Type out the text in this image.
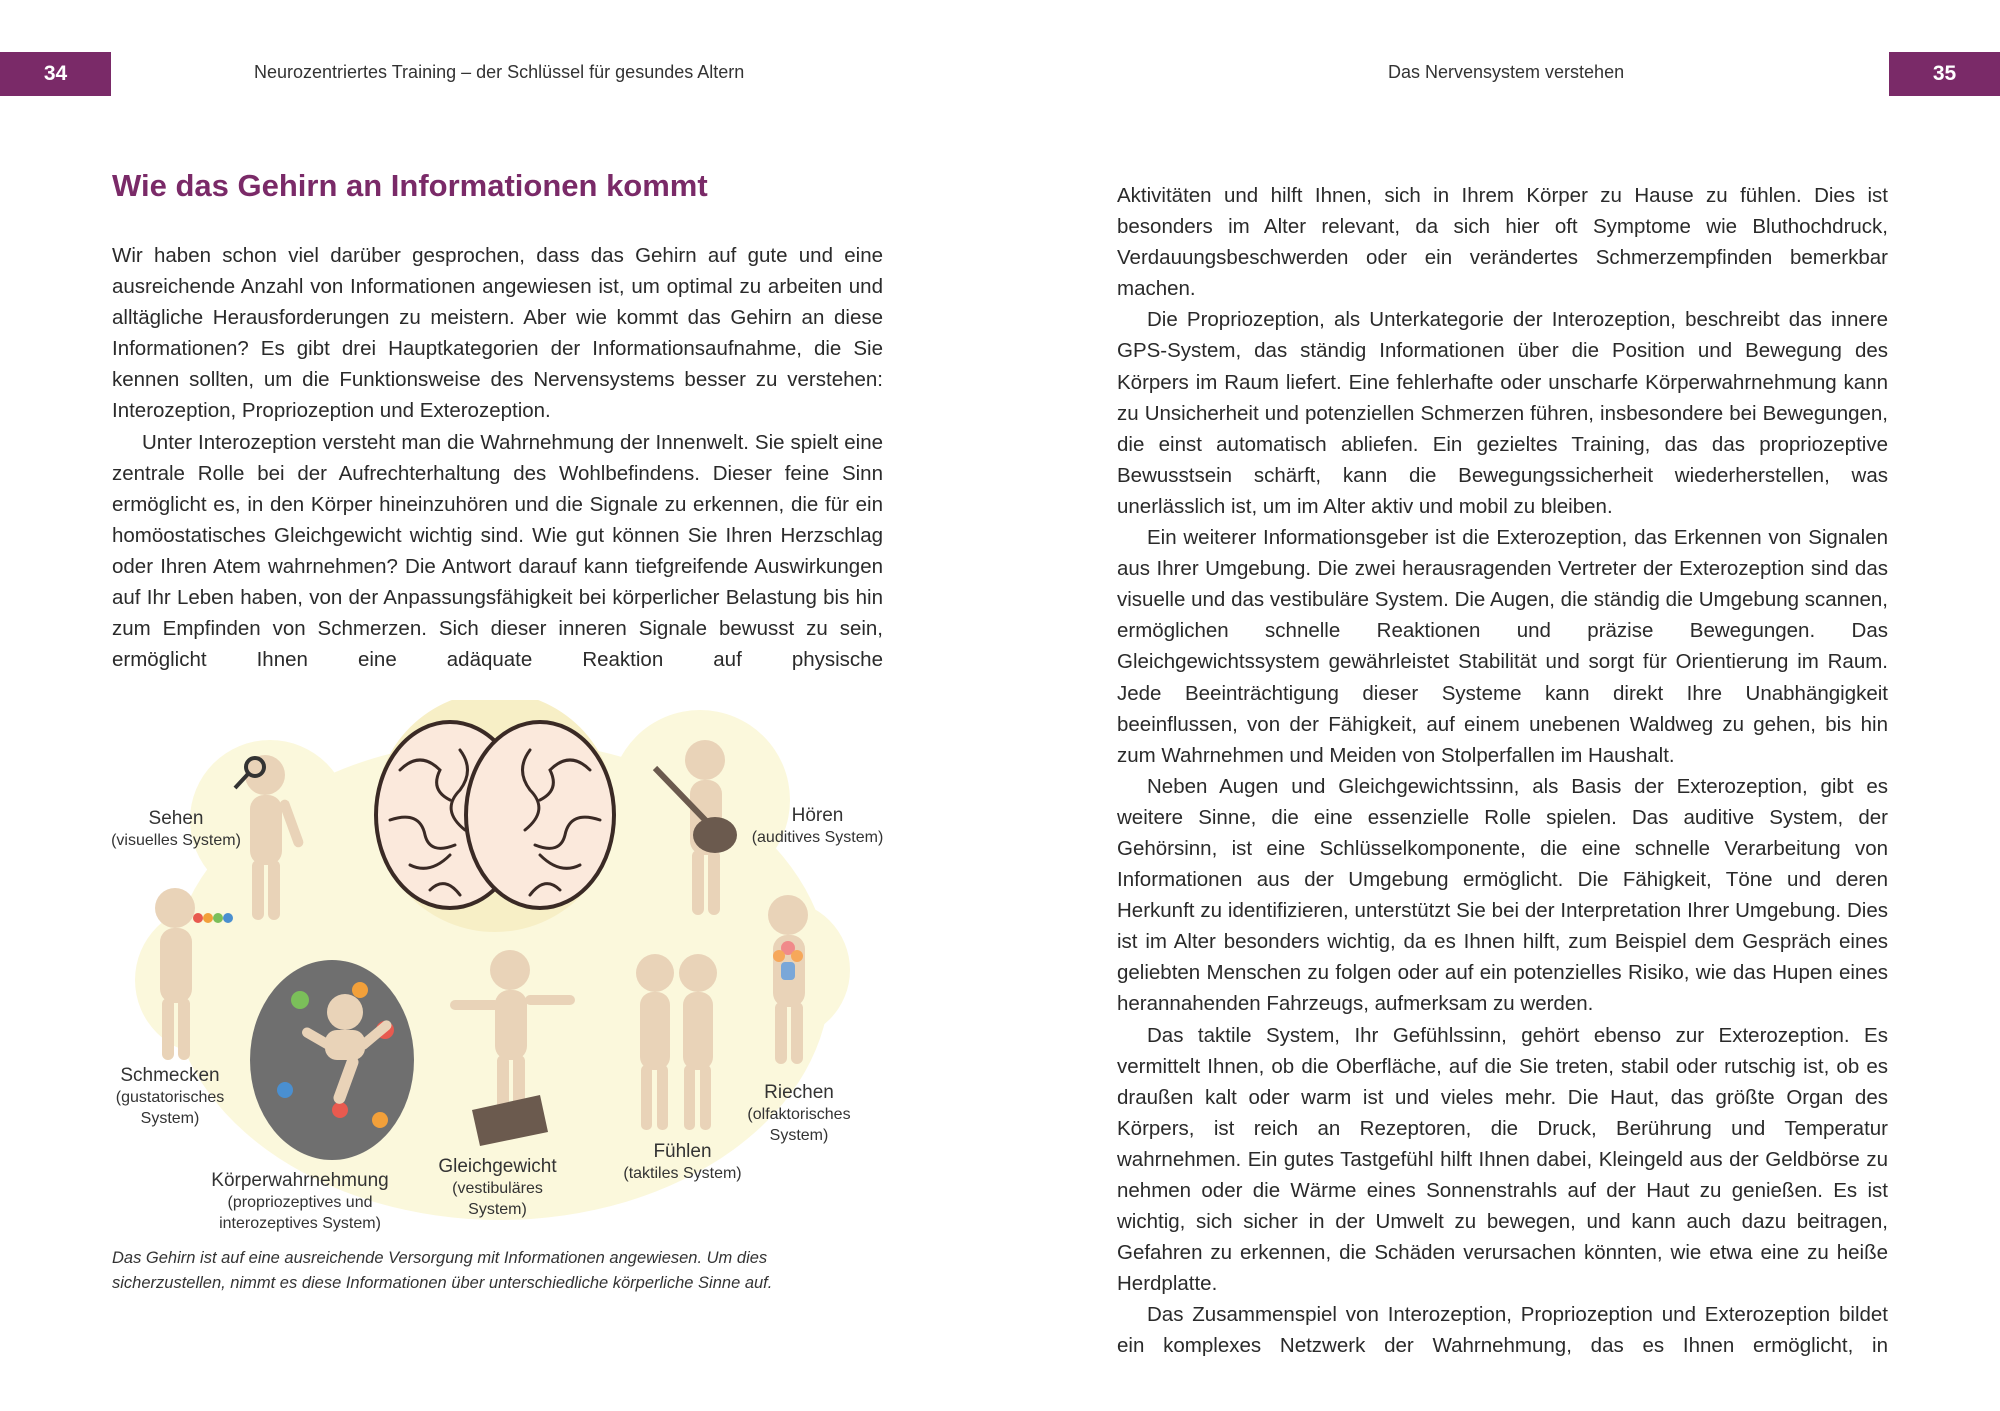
34	Neurozentriertes Training – der Schlüssel für gesundes Altern	Das Nervensystem verstehen	35
Wie das Gehirn an Informationen kommt

Wir haben schon viel darüber gesprochen, dass das Gehirn auf gute und eine ausreichende Anzahl von Informationen angewiesen ist, um optimal zu arbeiten und alltägliche Herausforderungen zu meistern. Aber wie kommt das Gehirn an diese Informationen? Es gibt drei Hauptkategorien der Informationsaufnahme, die Sie kennen sollten, um die Funktionsweise des Nervensystems besser zu verstehen: Interozeption, Propriozeption und Exterozeption.

Unter Interozeption versteht man die Wahrnehmung der Innenwelt. Sie spielt eine zentrale Rolle bei der Aufrechterhaltung des Wohlbefindens. Dieser feine Sinn ermöglicht es, in den Körper hineinzuhören und die Signale zu erkennen, die für ein homöostatisches Gleichgewicht wichtig sind. Wie gut können Sie Ihren Herzschlag oder Ihren Atem wahrnehmen? Die Antwort darauf kann tiefgreifende Auswirkungen auf Ihr Leben haben, von der Anpassungsfähigkeit bei körperlicher Belastung bis hin zum Empfinden von Schmerzen. Sich dieser inneren Signale bewusst zu sein, ermöglicht Ihnen eine adäquate Reaktion auf physische

Sehen
(visuelles System)
Hören
(auditives System)
Schmecken
(gustatorisches System)
Körperwahrnehmung
(propriozeptives und interozeptives System)
Gleichgewicht
(vestibuläres System)
Fühlen
(taktiles System)
Riechen
(olfaktorisches System)
Das Gehirn ist auf eine ausreichende Versorgung mit Informationen angewiesen. Um dies sicherzustellen, nimmt es diese Informationen über unterschiedliche körperliche Sinne auf.

Aktivitäten und hilft Ihnen, sich in Ihrem Körper zu Hause zu fühlen. Dies ist besonders im Alter relevant, da sich hier oft Symptome wie Bluthochdruck, Verdauungsbeschwerden oder ein verändertes Schmerzempfinden bemerkbar machen.

Die Propriozeption, als Unterkategorie der Interozeption, beschreibt das innere GPS-System, das ständig Informationen über die Position und Bewegung des Körpers im Raum liefert. Eine fehlerhafte oder unscharfe Körperwahrnehmung kann zu Unsicherheit und potenziellen Schmerzen führen, insbesondere bei Bewegungen, die einst automatisch abliefen. Ein gezieltes Training, das das propriozeptive Bewusstsein schärft, kann die Bewegungssicherheit wiederherstellen, was unerlässlich ist, um im Alter aktiv und mobil zu bleiben.

Ein weiterer Informationsgeber ist die Exterozeption, das Erkennen von Signalen aus Ihrer Umgebung. Die zwei herausragenden Vertreter der Exterozeption sind das visuelle und das vestibuläre System. Die Augen, die ständig die Umgebung scannen, ermöglichen schnelle Reaktionen und präzise Bewegungen. Das Gleichgewichtssystem gewährleistet Stabilität und sorgt für Orientierung im Raum. Jede Beeinträchtigung dieser Systeme kann direkt Ihre Unabhängigkeit beeinflussen, von der Fähigkeit, auf einem unebenen Waldweg zu gehen, bis hin zum Wahrnehmen und Meiden von Stolperfallen im Haushalt.

Neben Augen und Gleichgewichtssinn, als Basis der Exterozeption, gibt es weitere Sinne, die eine essenzielle Rolle spielen. Das auditive System, der Gehörsinn, ist eine Schlüsselkomponente, die eine schnelle Verarbeitung von Informationen aus der Umgebung ermöglicht. Die Fähigkeit, Töne und deren Herkunft zu identifizieren, unterstützt Sie bei der Interpretation Ihrer Umgebung. Dies ist im Alter besonders wichtig, da es Ihnen hilft, zum Beispiel dem Gespräch eines geliebten Menschen zu folgen oder auf ein potenzielles Risiko, wie das Hupen eines herannahenden Fahrzeugs, aufmerksam zu werden.

Das taktile System, Ihr Gefühlssinn, gehört ebenso zur Exterozeption. Es vermittelt Ihnen, ob die Oberfläche, auf die Sie treten, stabil oder rutschig ist, ob es draußen kalt oder warm ist und vieles mehr. Die Haut, das größte Organ des Körpers, ist reich an Rezeptoren, die Druck, Berührung und Temperatur wahrnehmen. Ein gutes Tastgefühl hilft Ihnen dabei, Kleingeld aus der Geldbörse zu nehmen oder die Wärme eines Sonnenstrahls auf der Haut zu genießen. Es ist wichtig, sich sicher in der Umwelt zu bewegen, und kann auch dazu beitragen, Gefahren zu erkennen, die Schäden verursachen könnten, wie etwa eine zu heiße Herdplatte.

Das Zusammenspiel von Interozeption, Propriozeption und Exterozeption bildet ein komplexes Netzwerk der Wahrnehmung, das es Ihnen ermöglicht, in
